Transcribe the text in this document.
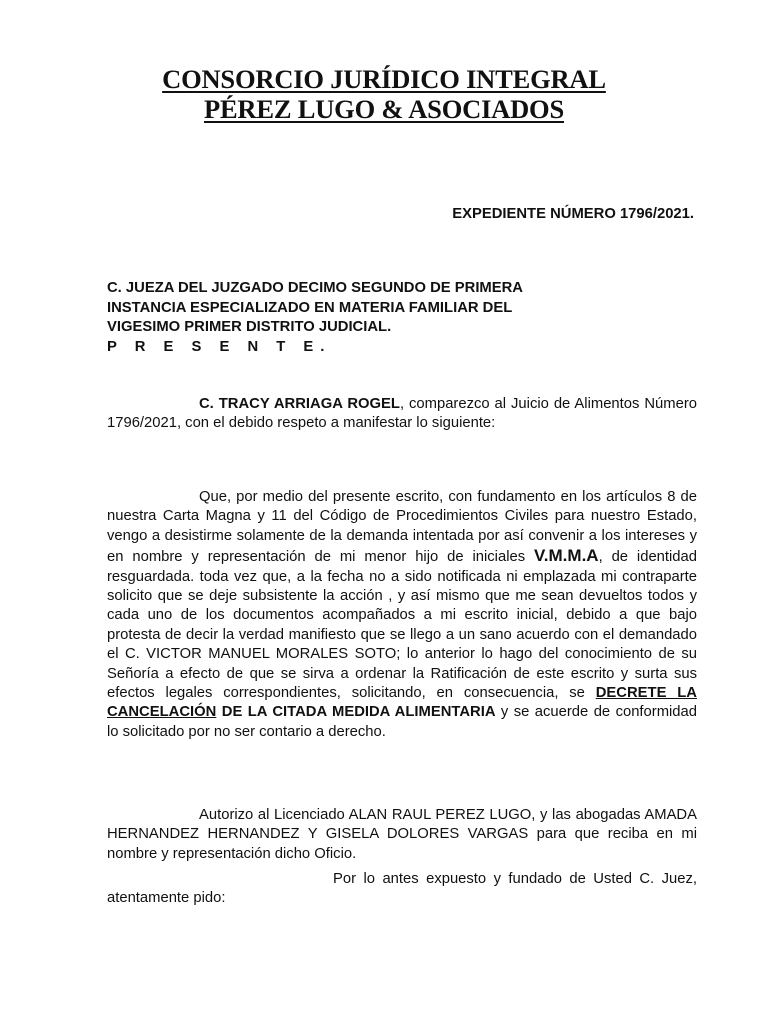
CONSORCIO JURÍDICO INTEGRAL
PÉREZ LUGO & ASOCIADOS
EXPEDIENTE NÚMERO 1796/2021.
C. JUEZA DEL JUZGADO DECIMO SEGUNDO DE PRIMERA
INSTANCIA ESPECIALIZADO EN MATERIA FAMILIAR DEL
VIGESIMO PRIMER DISTRITO JUDICIAL.
P R E S E N T E.

C. TRACY ARRIAGA ROGEL, comparezco al Juicio de Alimentos Número 1796/2021, con el debido respeto a manifestar lo siguiente:

Que, por medio del presente escrito, con fundamento en los artículos 8 de nuestra Carta Magna y 11 del Código de Procedimientos Civiles para nuestro Estado, vengo a desistirme solamente de la demanda intentada por así convenir a los intereses y en nombre y representación de mi menor hijo de iniciales V.M.M.A, de identidad resguardada. toda vez que, a la fecha no a sido notificada ni emplazada mi contraparte solicito que se deje subsistente la acción , y así mismo que me sean devueltos todos y cada uno de los documentos acompañados a mi escrito inicial, debido a que bajo protesta de decir la verdad manifiesto que se llego a un sano acuerdo con el demandado el C. VICTOR MANUEL MORALES SOTO; lo anterior lo hago del conocimiento de su Señoría a efecto de que se sirva a ordenar la Ratificación de este escrito y surta sus efectos legales correspondientes, solicitando, en consecuencia, se DECRETE LA CANCELACIÓN DE LA CITADA MEDIDA ALIMENTARIA y se acuerde de conformidad lo solicitado por no ser contario a derecho.

Autorizo al Licenciado ALAN RAUL PEREZ LUGO, y las abogadas AMADA HERNANDEZ HERNANDEZ Y GISELA DOLORES VARGAS para que reciba en mi nombre y representación dicho Oficio.

Por lo antes expuesto y fundado de Usted C. Juez, atentamente pido:
